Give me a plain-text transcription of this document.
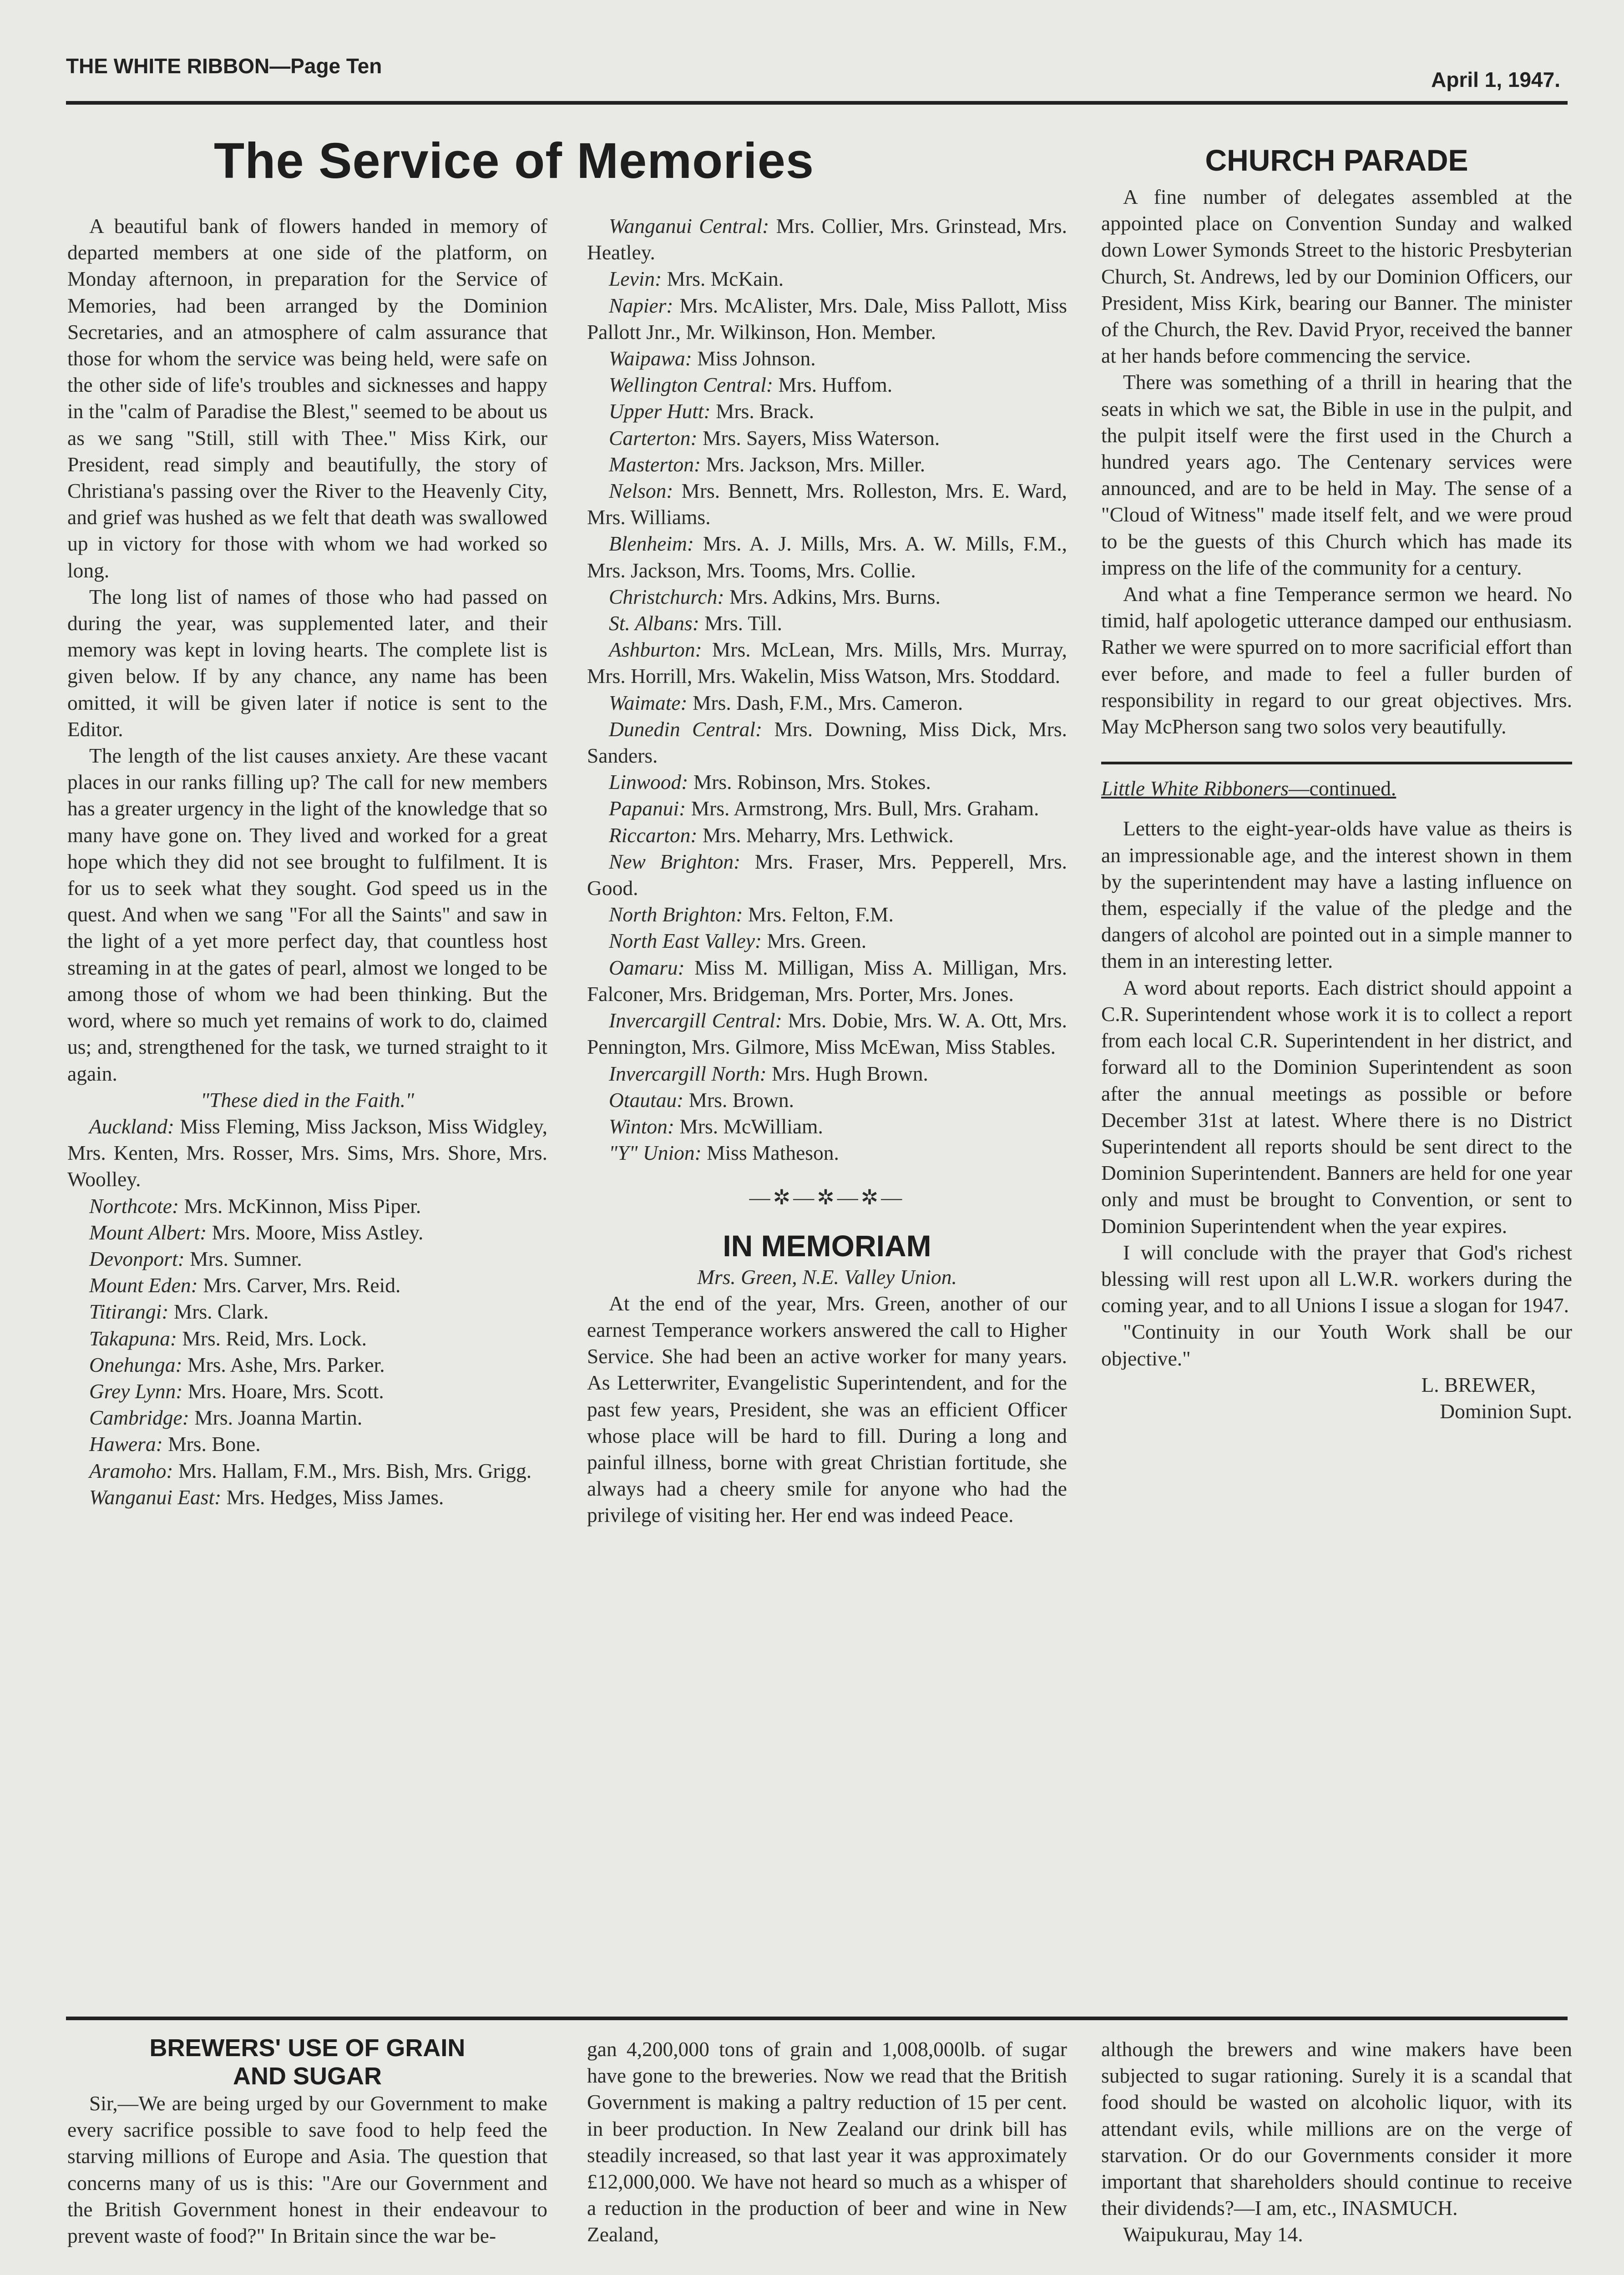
THE WHITE RIBBON—Page Ten
April 1, 1947.
The Service of Memories

A beautiful bank of flowers handed in memory of departed members at one side of the platform, on Monday afternoon, in preparation for the Service of Memories, had been arranged by the Dominion Secretaries, and an atmosphere of calm assurance that those for whom the service was being held, were safe on the other side of life's troubles and sicknesses and happy in the "calm of Paradise the Blest," seemed to be about us as we sang "Still, still with Thee." Miss Kirk, our President, read simply and beautifully, the story of Christiana's passing over the River to the Heavenly City, and grief was hushed as we felt that death was swallowed up in victory for those with whom we had worked so long.

The long list of names of those who had passed on during the year, was supplemented later, and their memory was kept in loving hearts. The complete list is given below. If by any chance, any name has been omitted, it will be given later if notice is sent to the Editor.

The length of the list causes anxiety. Are these vacant places in our ranks filling up? The call for new members has a greater urgency in the light of the knowledge that so many have gone on. They lived and worked for a great hope which they did not see brought to fulfilment. It is for us to seek what they sought. God speed us in the quest. And when we sang "For all the Saints" and saw in the light of a yet more perfect day, that countless host streaming in at the gates of pearl, almost we longed to be among those of whom we had been thinking. But the word, where so much yet remains of work to do, claimed us; and, strengthened for the task, we turned straight to it again.

"These died in the Faith."

Auckland: Miss Fleming, Miss Jackson, Miss Widgley, Mrs. Kenten, Mrs. Rosser, Mrs. Sims, Mrs. Shore, Mrs. Woolley.

Northcote: Mrs. McKinnon, Miss Piper.

Mount Albert: Mrs. Moore, Miss Astley.

Devonport: Mrs. Sumner.

Mount Eden: Mrs. Carver, Mrs. Reid.

Titirangi: Mrs. Clark.

Takapuna: Mrs. Reid, Mrs. Lock.

Onehunga: Mrs. Ashe, Mrs. Parker.

Grey Lynn: Mrs. Hoare, Mrs. Scott.

Cambridge: Mrs. Joanna Martin.

Hawera: Mrs. Bone.

Aramoho: Mrs. Hallam, F.M., Mrs. Bish, Mrs. Grigg.

Wanganui East: Mrs. Hedges, Miss James.

Wanganui Central: Mrs. Collier, Mrs. Grinstead, Mrs. Heatley.

Levin: Mrs. McKain.

Napier: Mrs. McAlister, Mrs. Dale, Miss Pallott, Miss Pallott Jnr., Mr. Wilkinson, Hon. Member.

Waipawa: Miss Johnson.

Wellington Central: Mrs. Huffom.

Upper Hutt: Mrs. Brack.

Carterton: Mrs. Sayers, Miss Waterson.

Masterton: Mrs. Jackson, Mrs. Miller.

Nelson: Mrs. Bennett, Mrs. Rolleston, Mrs. E. Ward, Mrs. Williams.

Blenheim: Mrs. A. J. Mills, Mrs. A. W. Mills, F.M., Mrs. Jackson, Mrs. Tooms, Mrs. Collie.

Christchurch: Mrs. Adkins, Mrs. Burns.

St. Albans: Mrs. Till.

Ashburton: Mrs. McLean, Mrs. Mills, Mrs. Murray, Mrs. Horrill, Mrs. Wakelin, Miss Watson, Mrs. Stoddard.

Waimate: Mrs. Dash, F.M., Mrs. Cameron.

Dunedin Central: Mrs. Downing, Miss Dick, Mrs. Sanders.

Linwood: Mrs. Robinson, Mrs. Stokes.

Papanui: Mrs. Armstrong, Mrs. Bull, Mrs. Graham.

Riccarton: Mrs. Meharry, Mrs. Lethwick.

New Brighton: Mrs. Fraser, Mrs. Pepperell, Mrs. Good.

North Brighton: Mrs. Felton, F.M.

North East Valley: Mrs. Green.

Oamaru: Miss M. Milligan, Miss A. Milligan, Mrs. Falconer, Mrs. Bridgeman, Mrs. Porter, Mrs. Jones.

Invercargill Central: Mrs. Dobie, Mrs. W. A. Ott, Mrs. Pennington, Mrs. Gilmore, Miss McEwan, Miss Stables.

Invercargill North: Mrs. Hugh Brown.

Otautau: Mrs. Brown.

Winton: Mrs. McWilliam.

"Y" Union: Miss Matheson.

—✲—✲—✲—
IN MEMORIAM

Mrs. Green, N.E. Valley Union.

At the end of the year, Mrs. Green, another of our earnest Temperance workers answered the call to Higher Service. She had been an active worker for many years. As Letterwriter, Evangelistic Superintendent, and for the past few years, President, she was an efficient Officer whose place will be hard to fill. During a long and painful illness, borne with great Christian fortitude, she always had a cheery smile for anyone who had the privilege of visiting her. Her end was indeed Peace.

CHURCH PARADE

A fine number of delegates assembled at the appointed place on Convention Sunday and walked down Lower Symonds Street to the historic Presbyterian Church, St. Andrews, led by our Dominion Officers, our President, Miss Kirk, bearing our Banner. The minister of the Church, the Rev. David Pryor, received the banner at her hands before commencing the service.

There was something of a thrill in hearing that the seats in which we sat, the Bible in use in the pulpit, and the pulpit itself were the first used in the Church a hundred years ago. The Centenary services were announced, and are to be held in May. The sense of a "Cloud of Witness" made itself felt, and we were proud to be the guests of this Church which has made its impress on the life of the community for a century.

And what a fine Temperance sermon we heard. No timid, half apologetic utterance damped our enthusiasm. Rather we were spurred on to more sacrificial effort than ever before, and made to feel a fuller burden of responsibility in regard to our great objectives. Mrs. May McPherson sang two solos very beautifully.

Little White Ribboners—continued.

Letters to the eight-year-olds have value as theirs is an impressionable age, and the interest shown in them by the superintendent may have a lasting influence on them, especially if the value of the pledge and the dangers of alcohol are pointed out in a simple manner to them in an interesting letter.

A word about reports. Each district should appoint a C.R. Superintendent whose work it is to collect a report from each local C.R. Superintendent in her district, and forward all to the Dominion Superintendent as soon after the annual meetings as possible or before December 31st at latest. Where there is no District Superintendent all reports should be sent direct to the Dominion Superintendent. Banners are held for one year only and must be brought to Convention, or sent to Dominion Superintendent when the year expires.

I will conclude with the prayer that God's richest blessing will rest upon all L.W.R. workers during the coming year, and to all Unions I issue a slogan for 1947.

"Continuity in our Youth Work shall be our objective."

L. BREWER,

Dominion Supt.

BREWERS' USE OF GRAIN
AND SUGAR

Sir,—We are being urged by our Government to make every sacrifice possible to save food to help feed the starving millions of Europe and Asia. The question that concerns many of us is this: "Are our Government and the British Government honest in their endeavour to prevent waste of food?" In Britain since the war be-

gan 4,200,000 tons of grain and 1,008,000lb. of sugar have gone to the breweries. Now we read that the British Government is making a paltry reduction of 15 per cent. in beer production. In New Zealand our drink bill has steadily increased, so that last year it was approximately £12,000,000. We have not heard so much as a whisper of a reduction in the production of beer and wine in New Zealand,

although the brewers and wine makers have been subjected to sugar rationing. Surely it is a scandal that food should be wasted on alcoholic liquor, with its attendant evils, while millions are on the verge of starvation. Or do our Governments consider it more important that shareholders should continue to receive their dividends?—I am, etc., INASMUCH.

Waipukurau, May 14.
